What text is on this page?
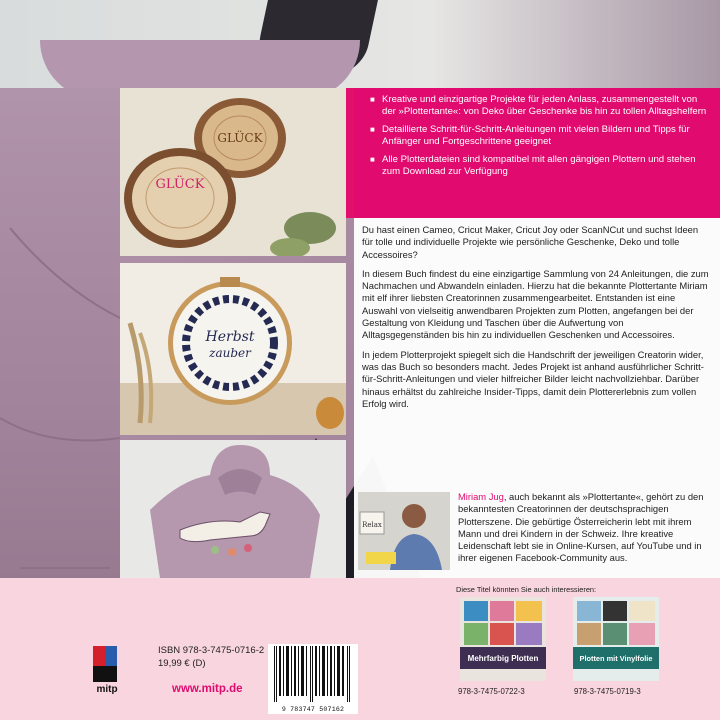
GLÜCK
GLÜCK
Herbst
zauber
■ Kreative und einzigartige Projekte für jeden Anlass, zusammengestellt von der »Plottertante«: von Deko über Geschenke bis hin zu tollen Alltagshelfern
■ Detaillierte Schritt-für-Schritt-Anleitungen mit vielen Bildern und Tipps für Anfänger und Fortgeschrittene geeignet
■ Alle Plotterdateien sind kompatibel mit allen gängigen Plottern und stehen zum Download zur Verfügung

Du hast einen Cameo, Cricut Maker, Cricut Joy oder ScanNCut und suchst Ideen für tolle und individuelle Projekte wie persönliche Geschenke, Deko und tolle Accessoires?

In diesem Buch findest du eine einzigartige Sammlung von 24 Anleitungen, die zum Nachmachen und Abwandeln einladen. Hierzu hat die bekannte Plottertante Miriam mit elf ihrer liebsten Creatorinnen zusammengearbeitet. Entstanden ist eine Auswahl von vielseitig anwendbaren Projekten zum Plotten, angefangen bei der Gestaltung von Kleidung und Taschen über die Aufwertung von Alltagsgegenständen bis hin zu individuellen Geschenken und Accessoires.

In jedem Plotterprojekt spiegelt sich die Handschrift der jeweiligen Creatorin wider, was das Buch so besonders macht. Jedes Projekt ist anhand ausführlicher Schritt-für-Schritt-Anleitungen und vieler hilfreicher Bilder leicht nachvollziehbar. Darüber hinaus erhältst du zahlreiche Insider-Tipps, damit dein Plottererlebnis zum vollen Erfolg wird.

Relax
Miriam Jug, auch bekannt als »Plottertante«, gehört zu den bekanntesten Creatorinnen der deutschsprachigen Plotterszene. Die gebürtige Österreicherin lebt mit ihrem Mann und drei Kindern in der Schweiz. Ihre kreative Leidenschaft lebt sie in Online-Kursen, auf YouTube und in ihrer eigenen Facebook-Community aus.
mitp
ISBN 978-3-7475-0716-2
19,99 € (D)
www.mitp.de
9 783747 507162
Diese Titel könnten Sie auch interessieren:
Mehrfarbig Plotten
978-3-7475-0722-3
Plotten mit Vinylfolie
978-3-7475-0719-3
